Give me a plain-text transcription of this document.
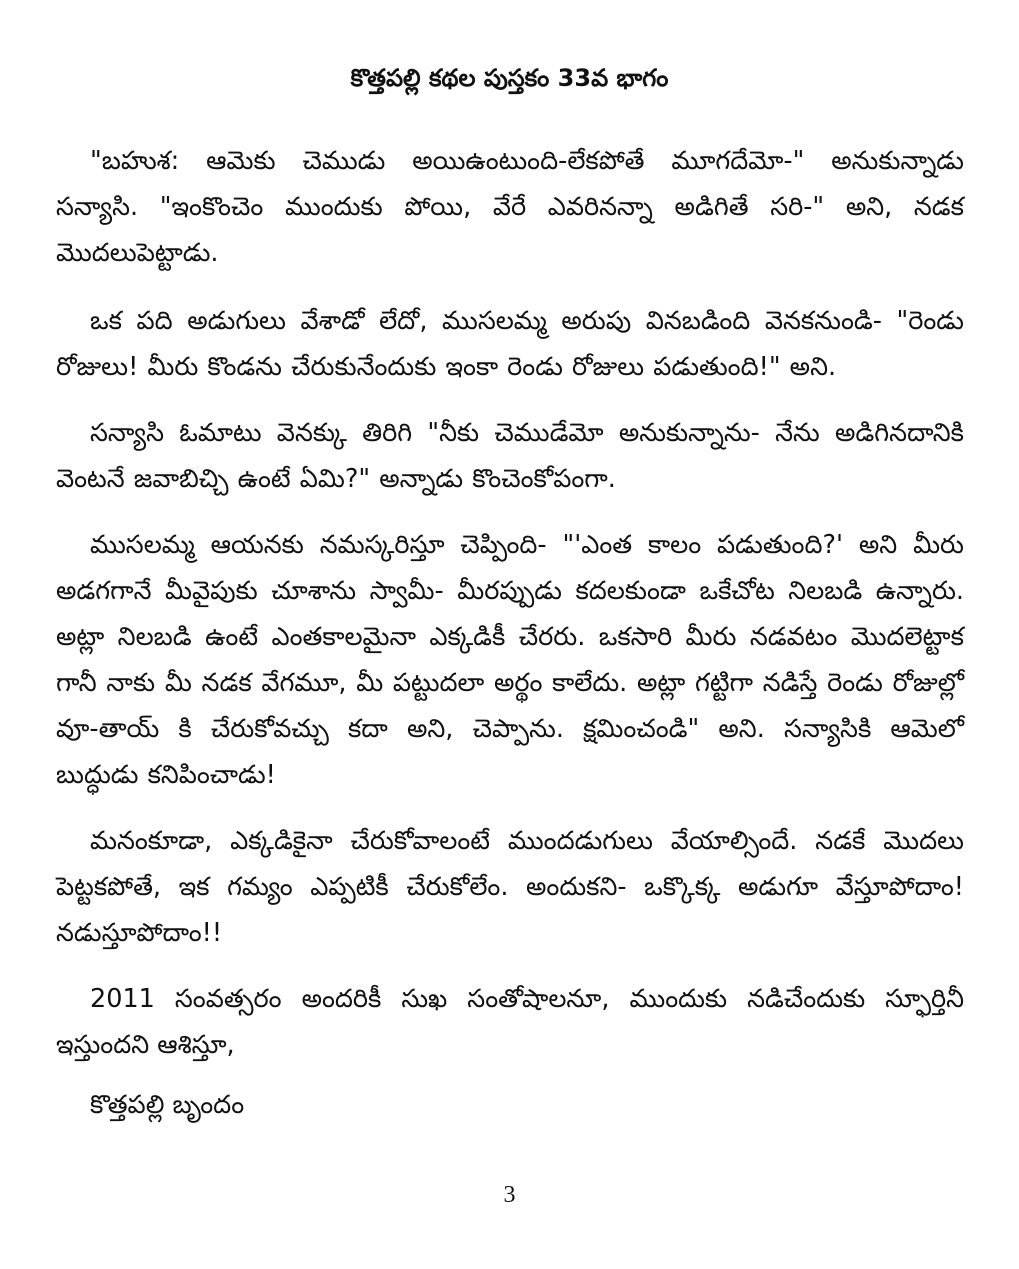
కొత్తపల్లి కథల పుస్తకం 33వ భాగం

"బహుశ: ఆమెకు చెముడు అయిఉంటుంది-లేకపోతే మూగదేమో-" అనుకున్నాడు సన్యాసి. "ఇంకొంచెం ముందుకు పోయి, వేరే ఎవరినన్నా అడిగితే సరి-" అని, నడక మొదలుపెట్టాడు.

ఒక పది అడుగులు వేశాడో లేదో, ముసలమ్మ అరుపు వినబడింది వెనకనుండి- "రెండు రోజులు! మీరు కొండను చేరుకునేందుకు ఇంకా రెండు రోజులు పడుతుంది!" అని.

సన్యాసి ఓమాటు వెనక్కు తిరిగి "నీకు చెముడేమో అనుకున్నాను- నేను అడిగినదానికి వెంటనే జవాబిచ్చి ఉంటే ఏమి?" అన్నాడు కొంచెంకోపంగా.

ముసలమ్మ ఆయనకు నమస్కరిస్తూ చెప్పింది- "'ఎంత కాలం పడుతుంది?' అని మీరు అడగగానే మీవైపుకు చూశాను స్వామీ- మీరప్పుడు కదలకుండా ఒకేచోట నిలబడి ఉన్నారు. అట్లా నిలబడి ఉంటే ఎంతకాలమైనా ఎక్కడికీ చేరరు. ఒకసారి మీరు నడవటం మొదలెట్టాక గానీ నాకు మీ నడక వేగమూ, మీ పట్టుదలా అర్థం కాలేదు. అట్లా గట్టిగా నడిస్తే రెండు రోజుల్లో వూ-తాయ్ కి చేరుకోవచ్చు కదా అని, చెప్పాను. క్షమించండి" అని. సన్యాసికి ఆమెలో బుద్ధుడు కనిపించాడు!

మనంకూడా, ఎక్కడికైనా చేరుకోవాలంటే ముందడుగులు వేయాల్సిందే. నడకే మొదలు పెట్టకపోతే, ఇక గమ్యం ఎప్పటికీ చేరుకోలేం. అందుకని- ఒక్కొక్క అడుగూ వేస్తూపోదాం! నడుస్తూపోదాం!!

2011 సంవత్సరం అందరికీ సుఖ సంతోషాలనూ, ముందుకు నడిచేందుకు స్ఫూర్తినీ ఇస్తుందని ఆశిస్తూ,

కొత్తపల్లి బృందం

3
